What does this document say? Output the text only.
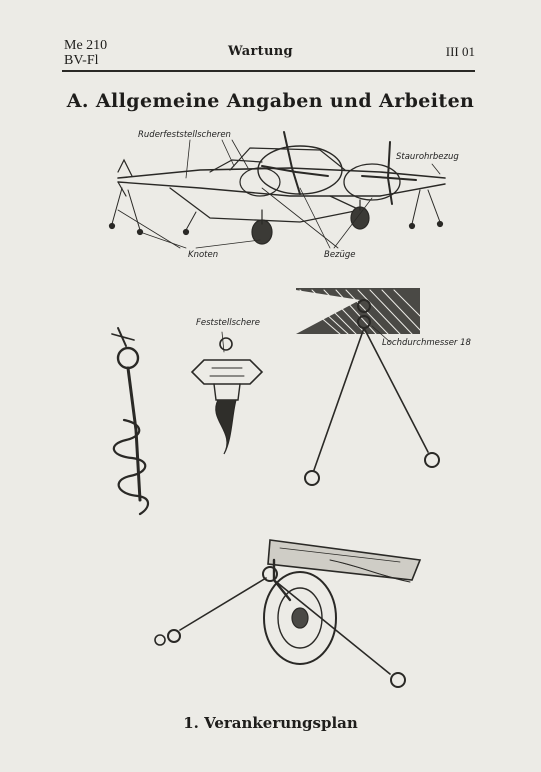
Me 210
BV-Fl
Wartung	III 01
A. Allgemeine Angaben und Arbeiten
Ruderfeststellscheren
Staurohrbezug
Knoten	Bezüge
Feststellschere
Lochdurchmesser 18
1. Verankerungsplan
